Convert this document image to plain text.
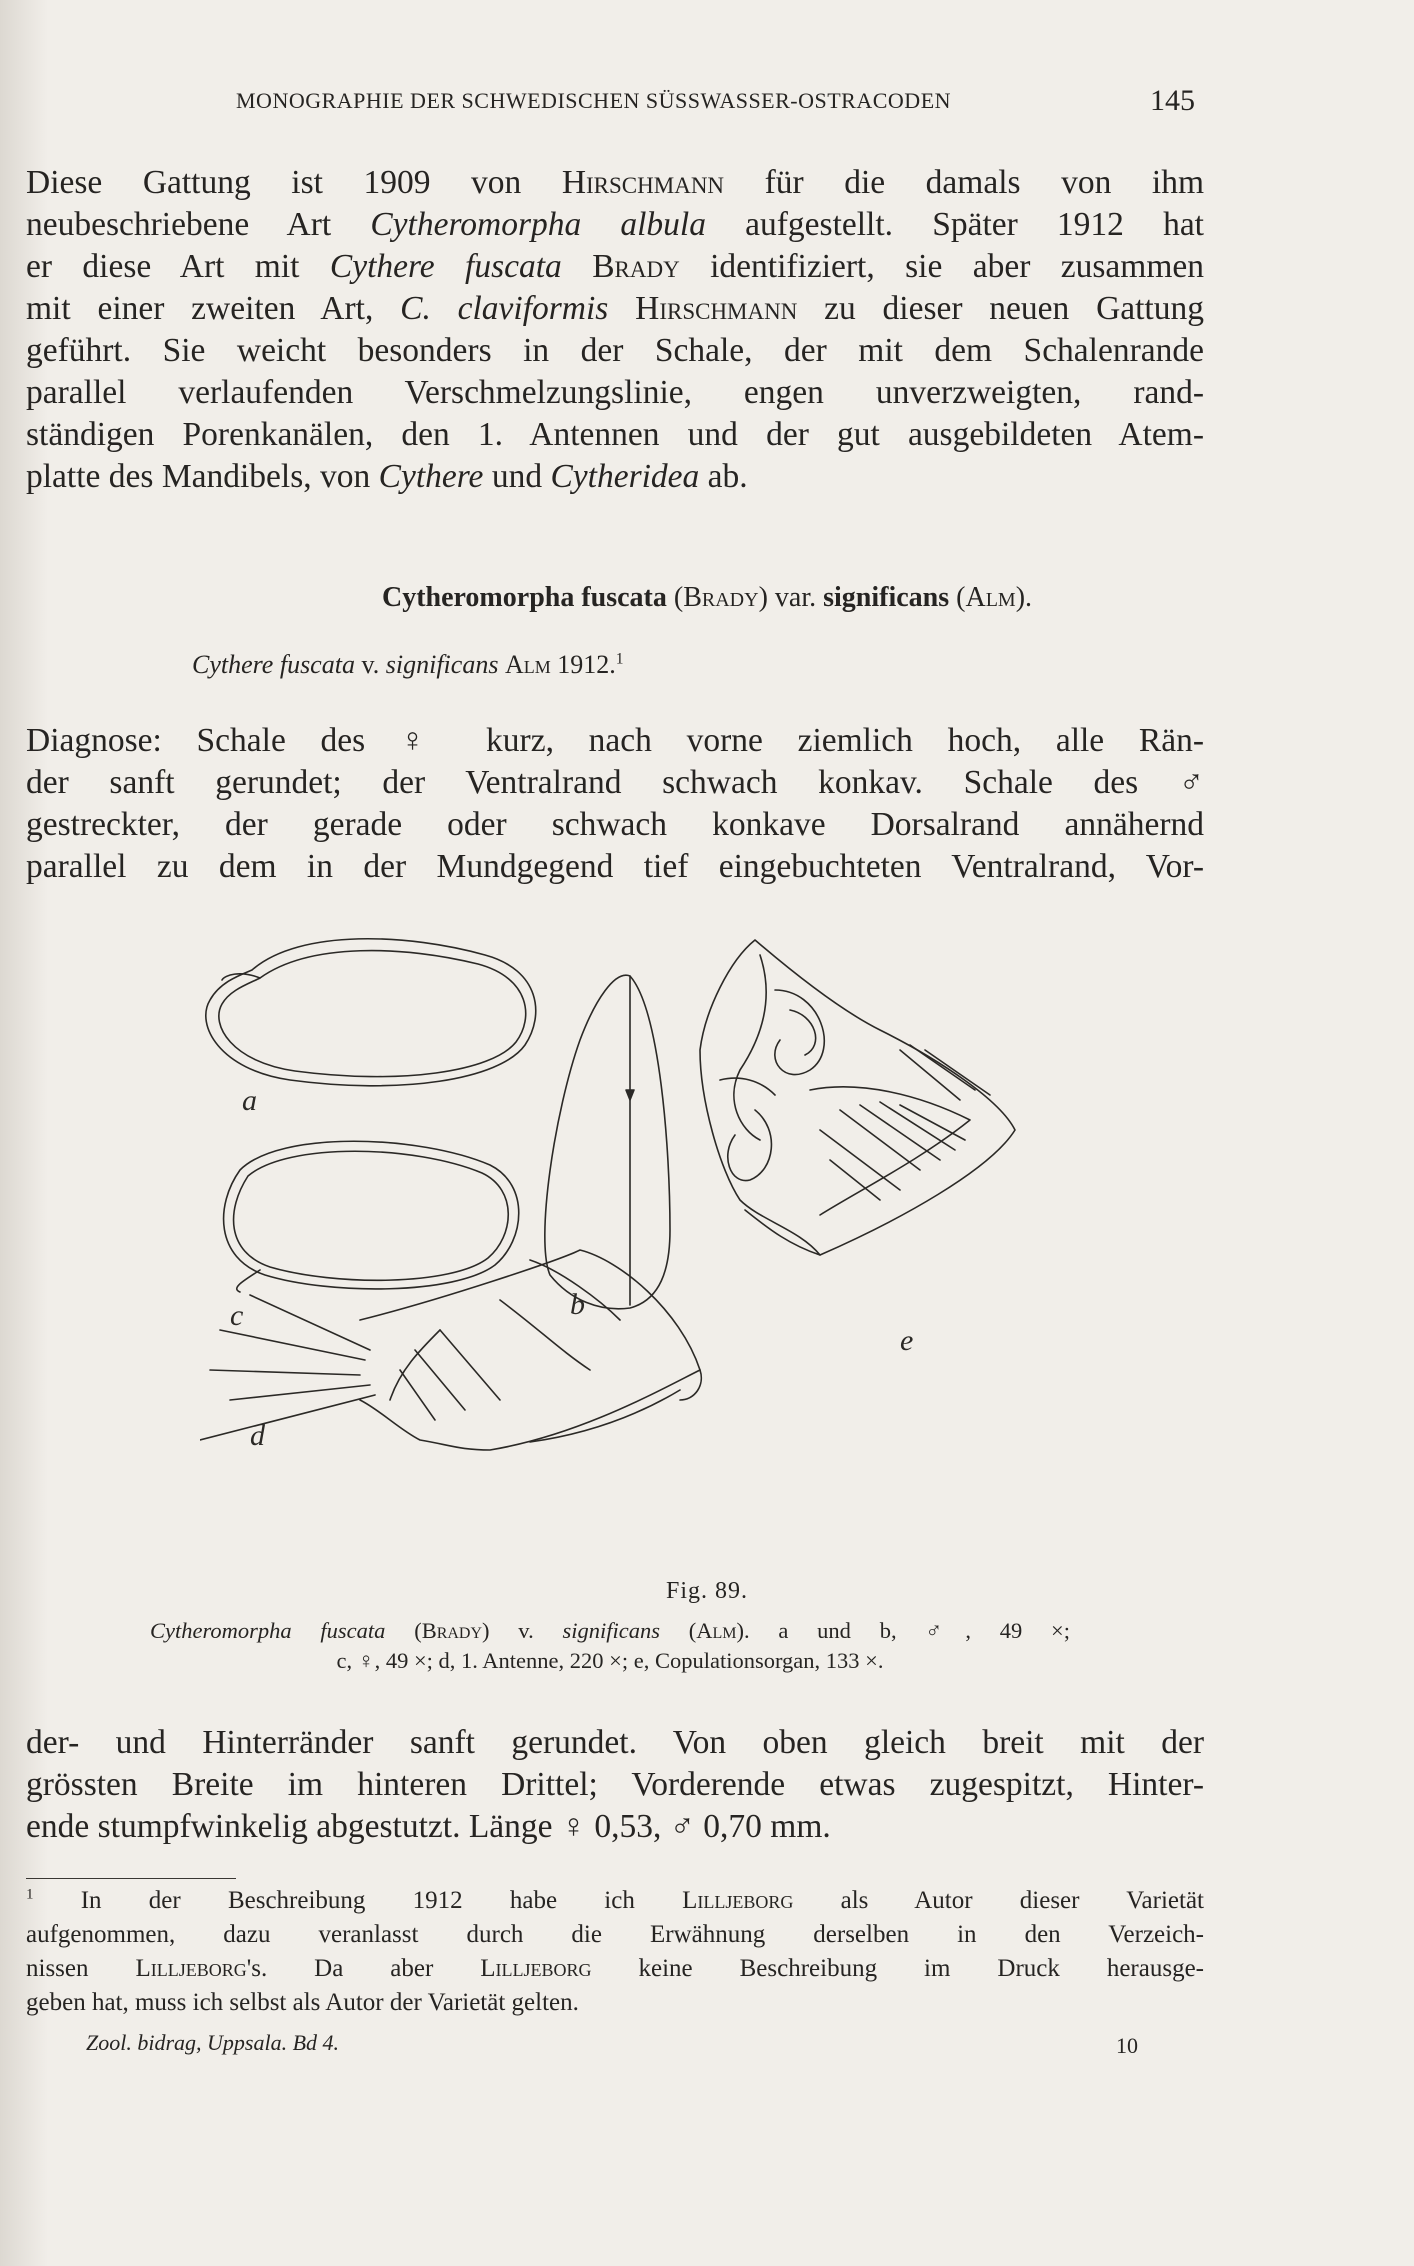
MONOGRAPHIE DER SCHWEDISCHEN SÜSSWASSER-OSTRACODEN	145
Diese Gattung ist 1909 von Hirschmann für die damals von ihm
neubeschriebene Art Cytheromorpha albula aufgestellt. Später 1912 hat
er diese Art mit Cythere fuscata Brady identifiziert, sie aber zusammen
mit einer zweiten Art, C. claviformis Hirschmann zu dieser neuen Gattung
geführt. Sie weicht besonders in der Schale, der mit dem Schalenrande
parallel verlaufenden Verschmelzungslinie, engen unverzweigten, rand-
ständigen Porenkanälen, den 1. Antennen und der gut ausgebildeten Atem-
platte des Mandibels, von Cythere und Cytheridea ab.
Cytheromorpha fuscata (Brady) var. significans (Alm).
Cythere fuscata v. significans Alm 1912.$^1$
Diagnose: Schale des ♀ kurz, nach vorne ziemlich hoch, alle Rän-
der sanft gerundet; der Ventralrand schwach konkav. Schale des ♂
gestreckter, der gerade oder schwach konkave Dorsalrand annähernd
parallel zu dem in der Mundgegend tief eingebuchteten Ventralrand, Vor-
a
c	b
e
d
Fig. 89.
Cytheromorpha fuscata (Brady) v. significans (Alm). a und b, ♂, 49 ×;
c, ♀, 49 ×; d, 1. Antenne, 220 ×; e, Copulationsorgan, 133 ×.
der- und Hinterränder sanft gerundet. Von oben gleich breit mit der
grössten Breite im hinteren Drittel; Vorderende etwas zugespitzt, Hinter-
ende stumpfwinkelig abgestutzt. Länge ♀ 0,53, ♂ 0,70 mm.
$^1$ In der Beschreibung 1912 habe ich Lilljeborg als Autor dieser Varietät
aufgenommen, dazu veranlasst durch die Erwähnung derselben in den Verzeich-
nissen Lilljeborg's. Da aber Lilljeborg keine Beschreibung im Druck herausge-
geben hat, muss ich selbst als Autor der Varietät gelten.
Zool. bidrag, Uppsala. Bd 4.	10
